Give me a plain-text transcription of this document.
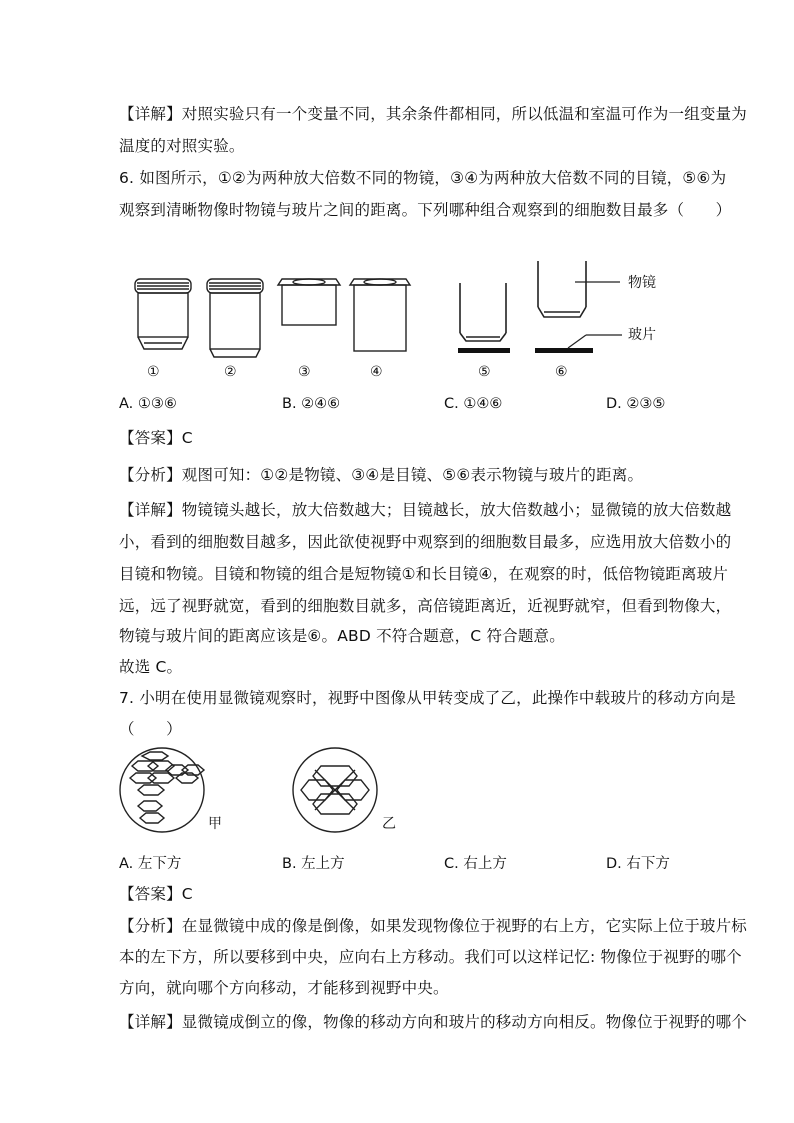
【详解】对照实验只有一个变量不同，其余条件都相同，所以低温和室温可作为一组变量为
温度的对照实验。
6. 如图所示，①②为两种放大倍数不同的物镜，③④为两种放大倍数不同的目镜，⑤⑥为
观察到清晰物像时物镜与玻片之间的距离。下列哪种组合观察到的细胞数目最多（　　）
物镜
玻片
①	②	③	④	⑤	⑥
A. ①③⑥	B. ②④⑥	C. ①④⑥	D. ②③⑤
【答案】C
【分析】观图可知：①②是物镜、③④是目镜、⑤⑥表示物镜与玻片的距离。
【详解】物镜镜头越长，放大倍数越大；目镜越长，放大倍数越小；显微镜的放大倍数越
小，看到的细胞数目越多，因此欲使视野中观察到的细胞数目最多，应选用放大倍数小的
目镜和物镜。目镜和物镜的组合是短物镜①和长目镜④，在观察的时，低倍物镜距离玻片
远，远了视野就宽，看到的细胞数目就多，高倍镜距离近，近视野就窄，但看到物像大，
物镜与玻片间的距离应该是⑥。ABD 不符合题意，C 符合题意。
故选 C。
7. 小明在使用显微镜观察时，视野中图像从甲转变成了乙，此操作中载玻片的移动方向是
（　　）
甲	乙
A. 左下方	B. 左上方	C. 右上方	D. 右下方
【答案】C
【分析】在显微镜中成的像是倒像，如果发现物像位于视野的右上方，它实际上位于玻片标
本的左下方，所以要移到中央，应向右上方移动。我们可以这样记忆: 物像位于视野的哪个
方向，就向哪个方向移动，才能移到视野中央。
【详解】显微镜成倒立的像，物像的移动方向和玻片的移动方向相反。物像位于视野的哪个
